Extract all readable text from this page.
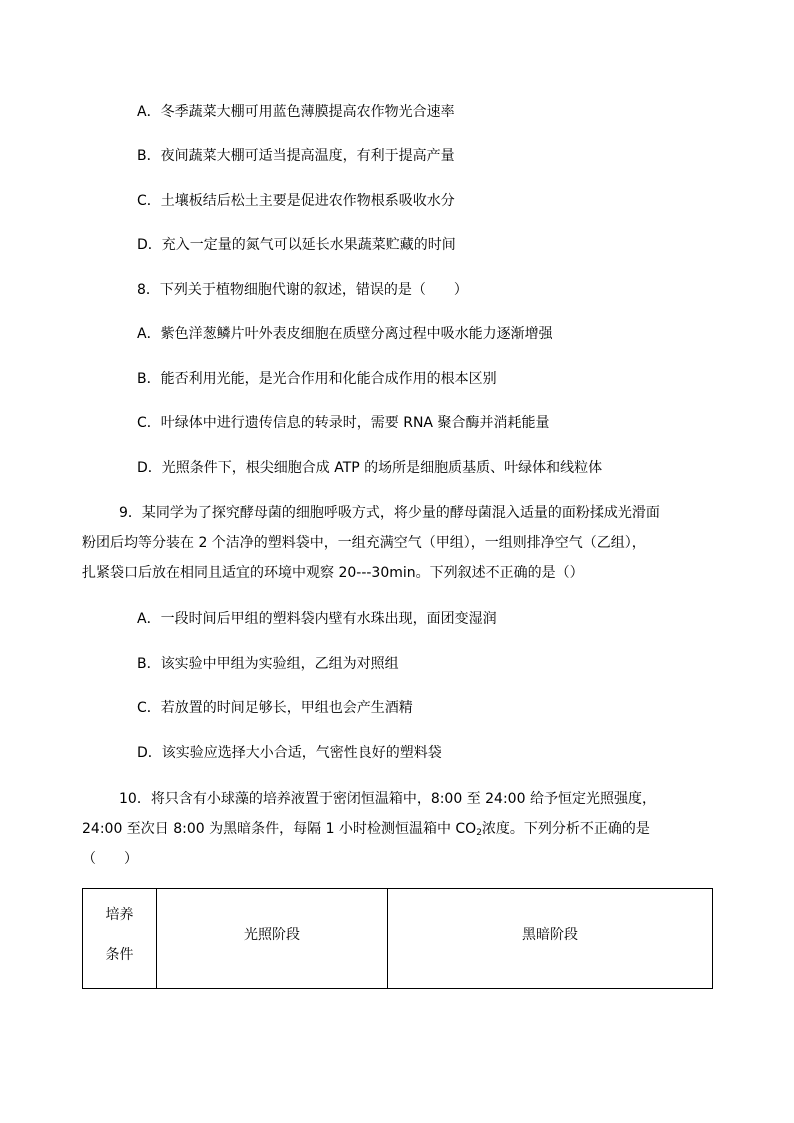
A．冬季蔬菜大棚可用蓝色薄膜提高农作物光合速率
B．夜间蔬菜大棚可适当提高温度，有利于提高产量
C．土壤板结后松土主要是促进农作物根系吸收水分
D．充入一定量的氮气可以延长水果蔬菜贮藏的时间
8．下列关于植物细胞代谢的叙述，错误的是（　　）
A．紫色洋葱鳞片叶外表皮细胞在质壁分离过程中吸水能力逐渐增强
B．能否利用光能，是光合作用和化能合成作用的根本区别
C．叶绿体中进行遗传信息的转录时，需要 RNA 聚合酶并消耗能量
D．光照条件下，根尖细胞合成 ATP 的场所是细胞质基质、叶绿体和线粒体
9．某同学为了探究酵母菌的细胞呼吸方式，将少量的酵母菌混入适量的面粉揉成光滑面
粉团后均等分装在 2 个洁净的塑料袋中，一组充满空气（甲组），一组则排净空气（乙组），
扎紧袋口后放在相同且适宜的环境中观察 20---30min。下列叙述不正确的是（）
A．一段时间后甲组的塑料袋内壁有水珠出现，面团变湿润
B．该实验中甲组为实验组，乙组为对照组
C．若放置的时间足够长，甲组也会产生酒精
D．该实验应选择大小合适，气密性良好的塑料袋
10．将只含有小球藻的培养液置于密闭恒温箱中，8:00 至 24:00 给予恒定光照强度，
24:00 至次日 8:00 为黑暗条件，每隔 1 小时检测恒温箱中 $CO_2$浓度。下列分析不正确的是
（　　）
培养
条件
光照阶段	黑暗阶段
